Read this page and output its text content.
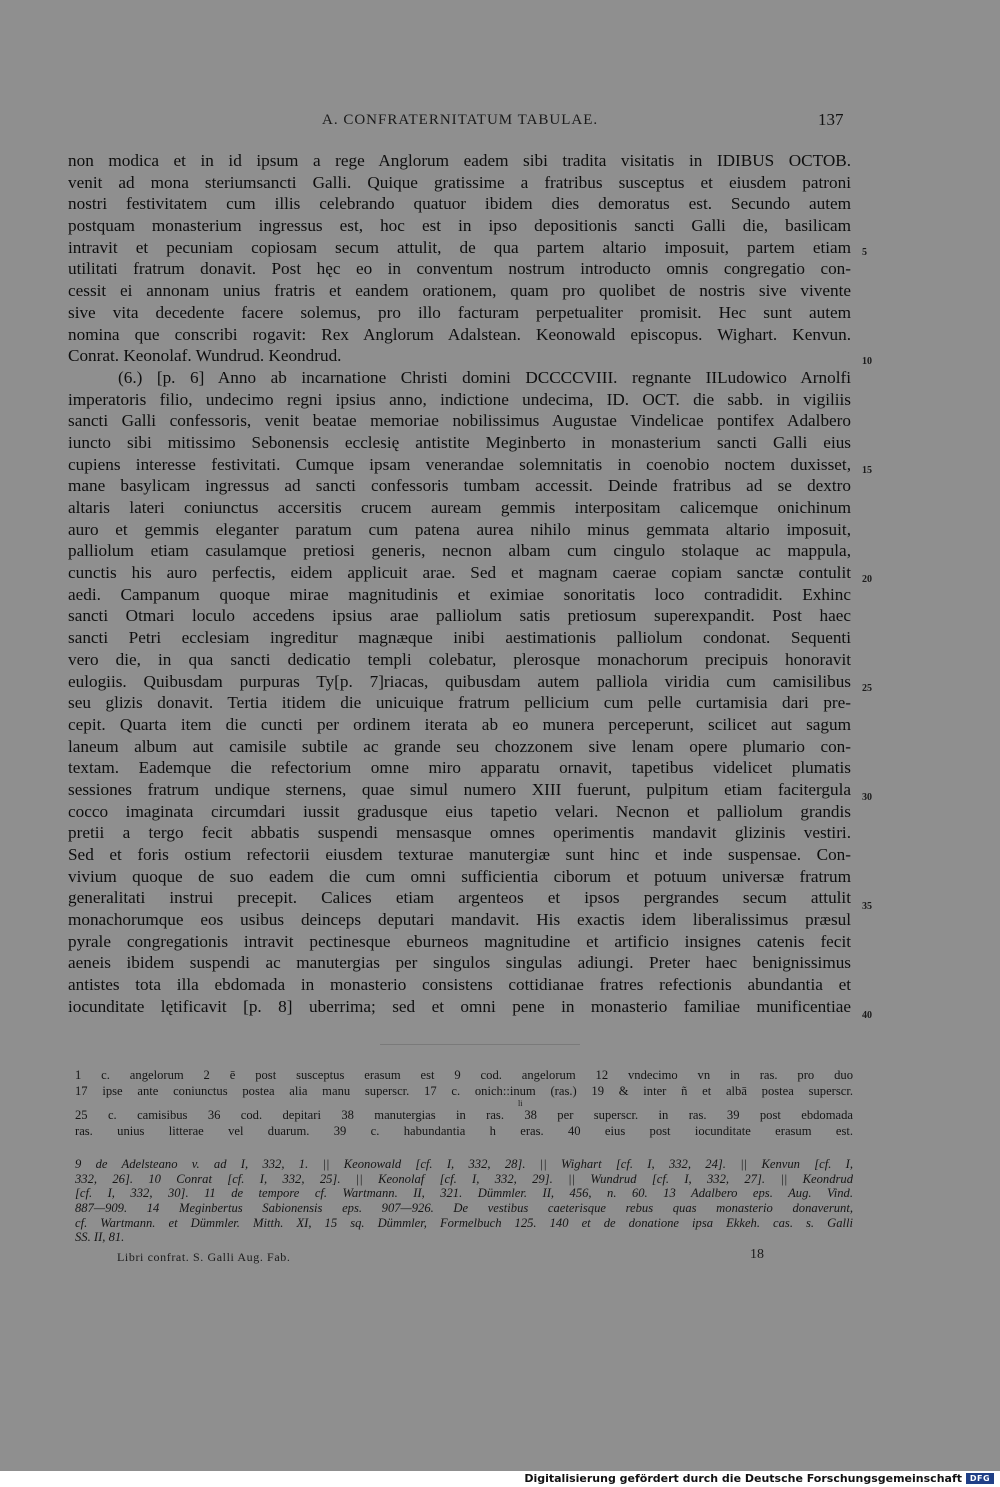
A. CONFRATERNITATUM TABULAE.	137
non modica et in id ipsum a rege Anglorum eadem sibi tradita visitatis in IDIBUS OCTOB.
venit ad mona steriumsancti Galli. Quique gratissime a fratribus susceptus et eiusdem patroni
nostri festivitatem cum illis celebrando quatuor ibidem dies demoratus est. Secundo autem
postquam monasterium ingressus est, hoc est in ipso depositionis sancti Galli die, basilicam
intravit et pecuniam copiosam secum attulit, de qua partem altario imposuit, partem etiam
utilitati fratrum donavit. Post hęc eo in conventum nostrum introducto omnis congregatio con-
cessit ei annonam unius fratris et eandem orationem, quam pro quolibet de nostris sive vivente
sive vita decedente facere solemus, pro illo facturam perpetualiter promisit. Hec sunt autem
nomina que conscribi rogavit: Rex Anglorum Adalstean. Keonowald episcopus. Wighart. Kenvun.
Conrat. Keonolaf. Wundrud. Keondrud.
(6.) [p. 6] Anno ab incarnatione Christi domini DCCCCVIII. regnante IILudowico Arnolfi
imperatoris filio, undecimo regni ipsius anno, indictione undecima, ID. OCT. die sabb. in vigiliis
sancti Galli confessoris, venit beatae memoriae nobilissimus Augustae Vindelicae pontifex Adalbero
iuncto sibi mitissimo Sebonensis ecclesię antistite Meginberto in monasterium sancti Galli eius
cupiens interesse festivitati. Cumque ipsam venerandae solemnitatis in coenobio noctem duxisset,
mane basylicam ingressus ad sancti confessoris tumbam accessit. Deinde fratribus ad se dextro
altaris lateri coniunctus accersitis crucem auream gemmis interpositam calicemque onichinum
auro et gemmis eleganter paratum cum patena aurea nihilo minus gemmata altario imposuit,
palliolum etiam casulamque pretiosi generis, necnon albam cum cingulo stolaque ac mappula,
cunctis his auro perfectis, eidem applicuit arae. Sed et magnam caerae copiam sanctæ contulit
aedi. Campanum quoque mirae magnitudinis et eximiae sonoritatis loco contradidit. Exhinc
sancti Otmari loculo accedens ipsius arae palliolum satis pretiosum superexpandit. Post haec
sancti Petri ecclesiam ingreditur magnæque inibi aestimationis palliolum condonat. Sequenti
vero die, in qua sancti dedicatio templi colebatur, plerosque monachorum precipuis honoravit
eulogiis. Quibusdam purpuras Ty[p. 7]riacas, quibusdam autem palliola viridia cum camisilibus
seu glizis donavit. Tertia itidem die unicuique fratrum pellicium cum pelle curtamisia dari pre-
cepit. Quarta item die cuncti per ordinem iterata ab eo munera perceperunt, scilicet aut sagum
laneum album aut camisile subtile ac grande seu chozzonem sive lenam opere plumario con-
textam. Eademque die refectorium omne miro apparatu ornavit, tapetibus videlicet plumatis
sessiones fratrum undique sternens, quae simul numero XIII fuerunt, pulpitum etiam facitergula
cocco imaginata circumdari iussit gradusque eius tapetio velari. Necnon et palliolum grandis
pretii a tergo fecit abbatis suspendi mensasque omnes operimentis mandavit glizinis vestiri.
Sed et foris ostium refectorii eiusdem texturae manutergiæ sunt hinc et inde suspensae. Con-
vivium quoque de suo eadem die cum omni sufficientia ciborum et potuum universæ fratrum
generalitati instrui precepit. Calices etiam argenteos et ipsos pergrandes secum attulit
monachorumque eos usibus deinceps deputari mandavit. His exactis idem liberalissimus præsul
pyrale congregationis intravit pectinesque eburneos magnitudine et artificio insignes catenis fecit
aeneis ibidem suspendi ac manutergias per singulos singulas adiungi. Preter haec benignissimus
antistes tota illa ebdomada in monasterio consistens cottidianae fratres refectionis abundantia et
iocunditate lętificavit [p. 8] uberrima; sed et omni pene in monasterio familiae munificentiae
5
10
15
20
25
30
35
40
1 c. angelorum 2 ē post susceptus erasum est 9 cod. angelorum 12 vndecimo vn in ras. pro duo
17 ipse ante coniunctus postea alia manu superscr. 17 c. onich::inum (ras.) 19 & inter ñ et albā postea superscr.
li
25 c. camisibus 36 cod. depitari 38 manutergias in ras. 38 per superscr. in ras. 39 post ebdomada
ras. unius litterae vel duarum. 39 c. habundantia h eras. 40 eius post iocunditate erasum est.
9 de Adelsteano v. ad I, 332, 1. || Keonowald [cf. I, 332, 28]. || Wighart [cf. I, 332, 24]. || Kenvun [cf. I,
332, 26]. 10 Conrat [cf. I, 332, 25]. || Keonolaf [cf. I, 332, 29]. || Wundrud [cf. I, 332, 27]. || Keondrud
[cf. I, 332, 30]. 11 de tempore cf. Wartmann. II, 321. Dümmler. II, 456, n. 60. 13 Adalbero eps. Aug. Vind.
887—909. 14 Meginbertus Sabionensis eps. 907—926. De vestibus caeterisque rebus quas monasterio donaverunt,
cf. Wartmann. et Dümmler. Mitth. XI, 15 sq. Dümmler, Formelbuch 125. 140 et de donatione ipsa Ekkeh. cas. s. Galli
SS. II, 81.
Libri confrat. S. Galli Aug. Fab.	18
Digitalisierung gefördert durch die Deutsche Forschungsgemeinschaft DFG
